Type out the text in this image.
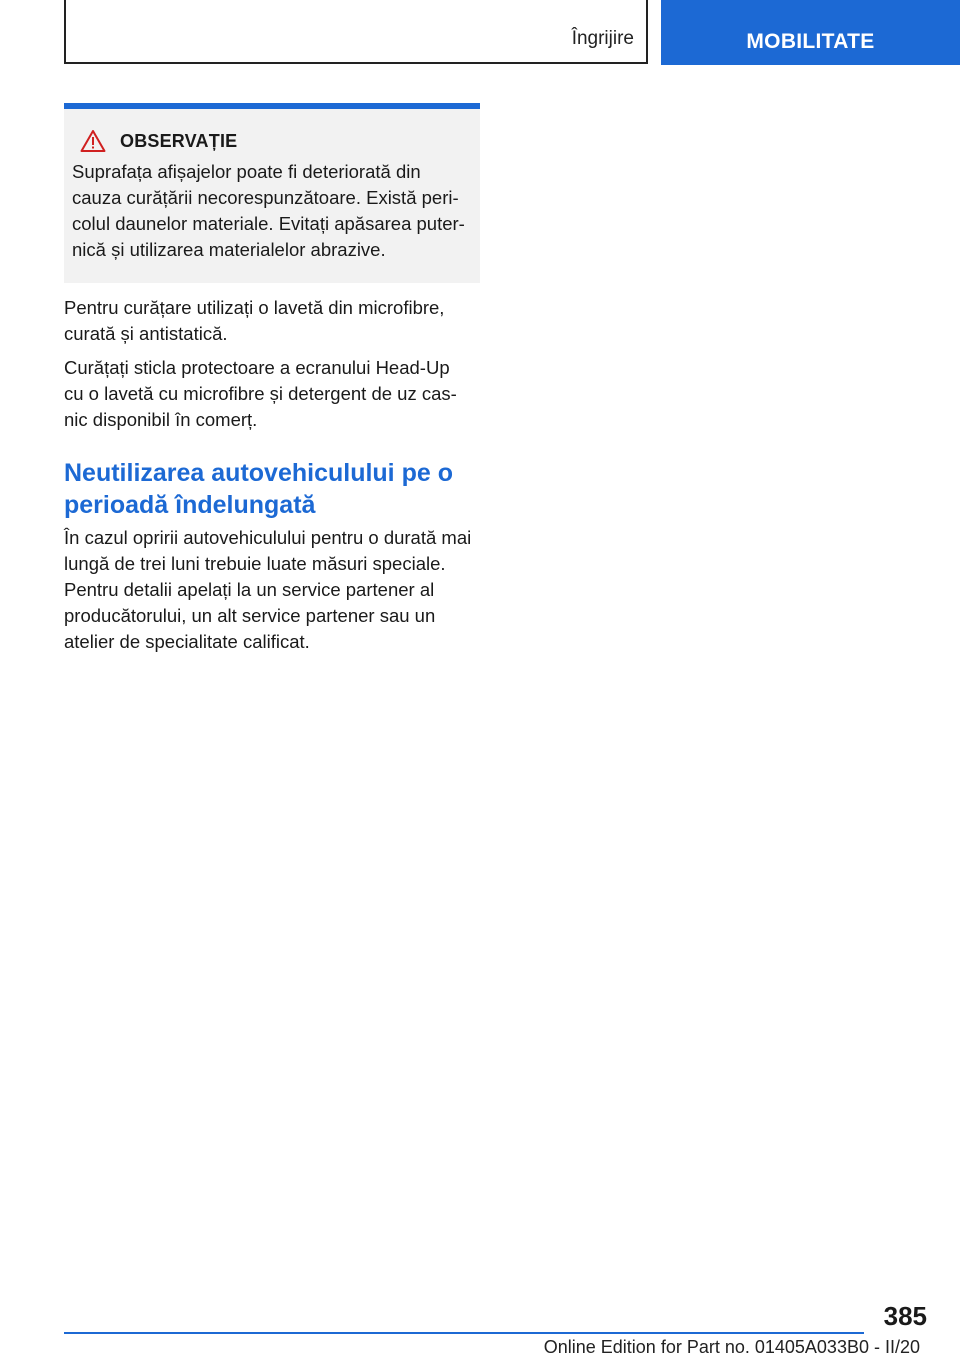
Îngrijire	MOBILITATE
OBSERVAȚIE
Suprafața afișajelor poate fi deteriorată din
cauza curățării necorespunzătoare. Există peri-
colul daunelor materiale. Evitați apăsarea puter-
nică și utilizarea materialelor abrazive.

Pentru curățare utilizați o lavetă din microfibre,
curată și antistatică.

Curățați sticla protectoare a ecranului Head-Up
cu o lavetă cu microfibre și detergent de uz cas-
nic disponibil în comerț.

Neutilizarea autovehiculului pe o
perioadă îndelungată

În cazul opririi autovehiculului pentru o durată mai
lungă de trei luni trebuie luate măsuri speciale.
Pentru detalii apelați la un service partener al
producătorului, un alt service partener sau un
atelier de specialitate calificat.

385
Online Edition for Part no. 01405A033B0 - II/20
